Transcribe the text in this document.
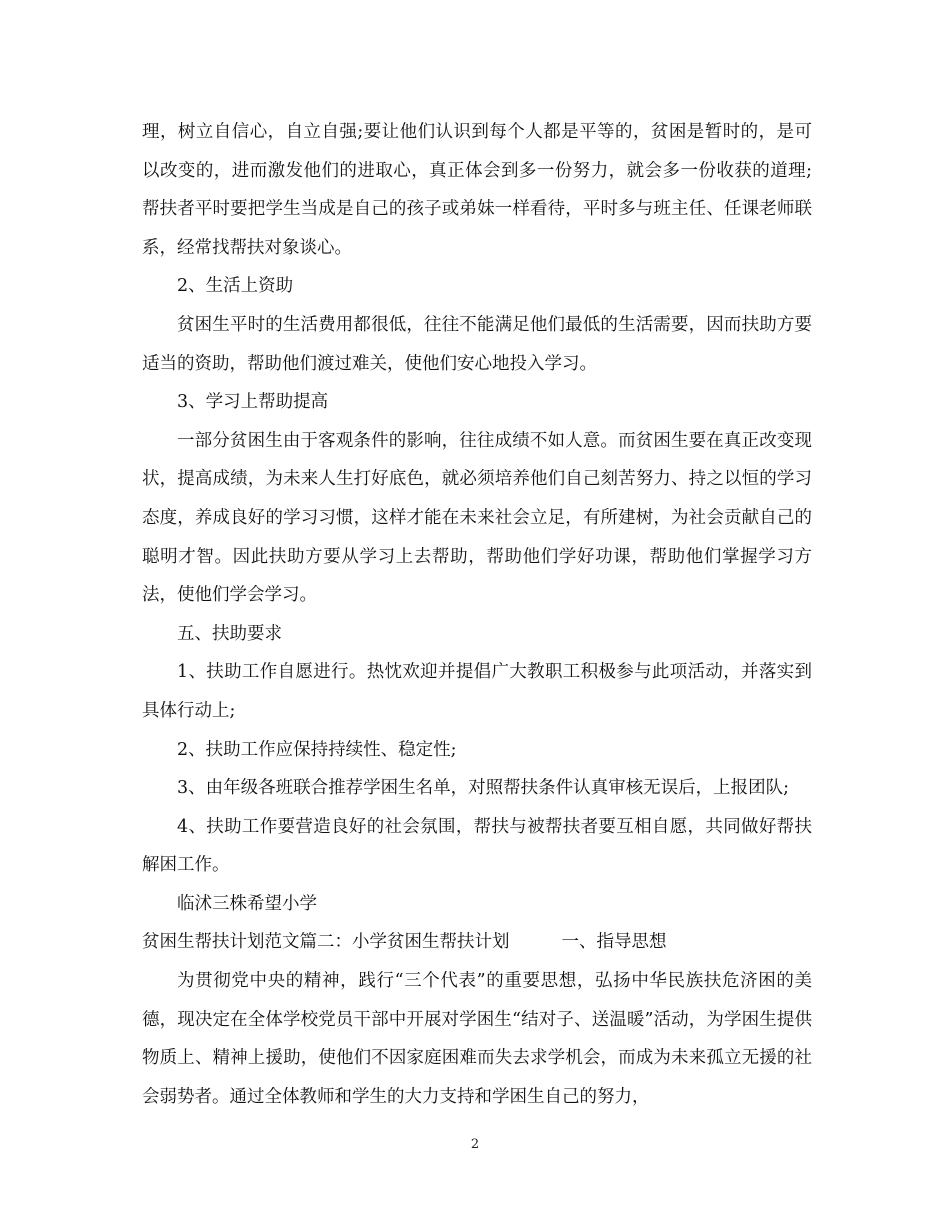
理，树立自信心，自立自强;要让他们认识到每个人都是平等的，贫困是暂时的，是可以改变的，进而激发他们的进取心，真正体会到多一份努力，就会多一份收获的道理;帮扶者平时要把学生当成是自己的孩子或弟妹一样看待，平时多与班主任、任课老师联系，经常找帮扶对象谈心。

2、生活上资助

贫困生平时的生活费用都很低，往往不能满足他们最低的生活需要，因而扶助方要适当的资助，帮助他们渡过难关，使他们安心地投入学习。

3、学习上帮助提高

一部分贫困生由于客观条件的影响，往往成绩不如人意。而贫困生要在真正改变现状，提高成绩，为未来人生打好底色，就必须培养他们自己刻苦努力、持之以恒的学习态度，养成良好的学习习惯，这样才能在未来社会立足，有所建树，为社会贡献自己的聪明才智。因此扶助方要从学习上去帮助，帮助他们学好功课，帮助他们掌握学习方法，使他们学会学习。

五、扶助要求

1、扶助工作自愿进行。热忱欢迎并提倡广大教职工积极参与此项活动，并落实到具体行动上;

2、扶助工作应保持持续性、稳定性;

3、由年级各班联合推荐学困生名单，对照帮扶条件认真审核无误后，上报团队;

4、扶助工作要营造良好的社会氛围，帮扶与被帮扶者要互相自愿，共同做好帮扶解困工作。

临沭三株希望小学

贫困生帮扶计划范文篇二：小学贫困生帮扶计划	一、指导思想

为贯彻党中央的精神，践行“三个代表”的重要思想，弘扬中华民族扶危济困的美德，现决定在全体学校党员干部中开展对学困生“结对子、送温暖”活动，为学困生提供物质上、精神上援助，使他们不因家庭困难而失去求学机会，而成为未来孤立无援的社会弱势者。通过全体教师和学生的大力支持和学困生自己的努力，

2
